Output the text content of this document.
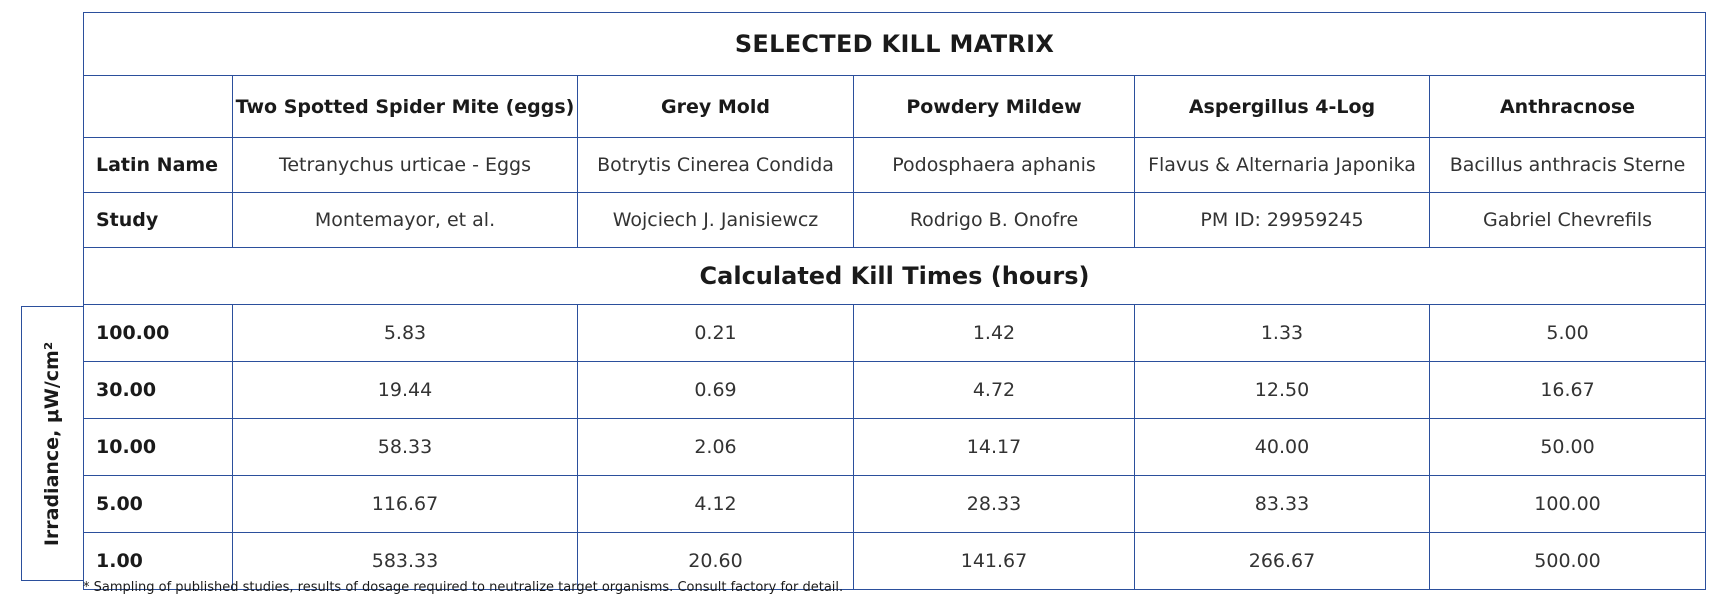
Irradiance, μW/cm²
SELECTED KILL MATRIX					
	Two Spotted Spider Mite (eggs)	Grey Mold	Powdery Mildew	Aspergillus 4-Log	Anthracnose
Latin Name	Tetranychus urticae - Eggs	Botrytis Cinerea Condida	Podosphaera aphanis	Flavus & Alternaria Japonika	Bacillus anthracis Sterne
Study	Montemayor, et al.	Wojciech J. Janisiewcz	Rodrigo B. Onofre	PM ID: 29959245	Gabriel Chevrefils
Calculated Kill Times (hours)					
100.00	5.83	0.21	1.42	1.33	5.00
30.00	19.44	0.69	4.72	12.50	16.67
10.00	58.33	2.06	14.17	40.00	50.00
5.00	116.67	4.12	28.33	83.33	100.00
1.00	583.33	20.60	141.67	266.67	500.00
* Sampling of published studies, results of dosage required to neutralize target organisms. Consult factory for detail.
